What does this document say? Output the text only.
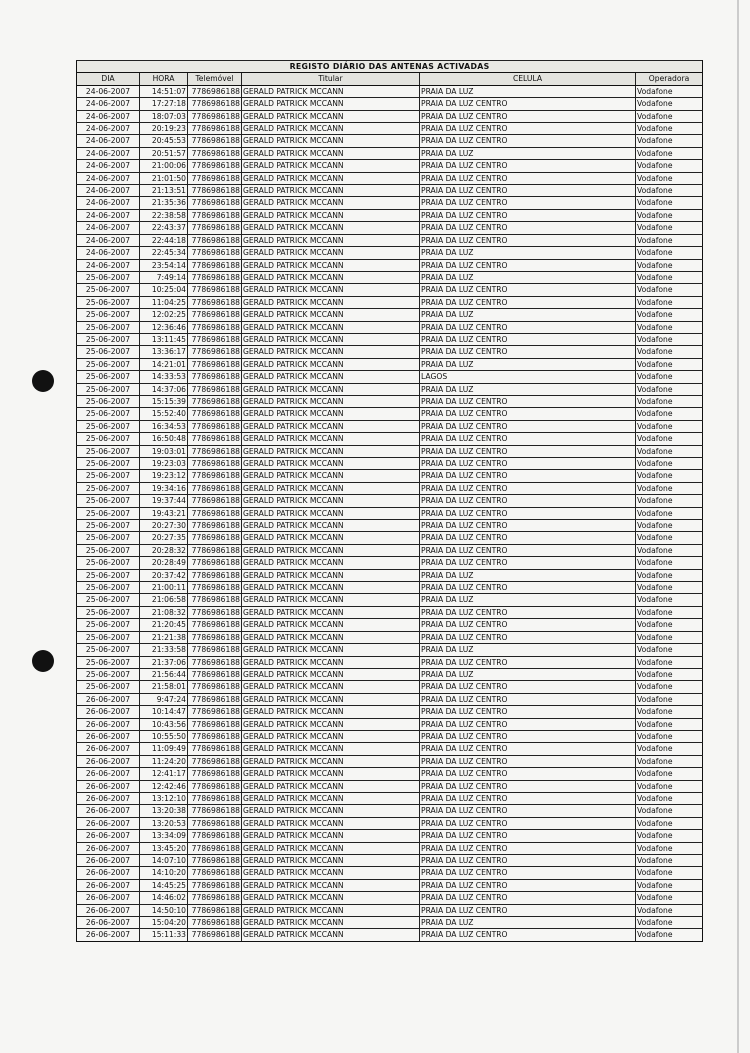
REGISTO DIÁRIO DAS ANTENAS ACTIVADAS					
DIA	HORA	Telemóvel	Titular	CELULA	Operadora
24-06-2007	14:51:07	7786986188	GERALD PATRICK MCCANN	PRAIA DA LUZ	Vodafone
24-06-2007	17:27:18	7786986188	GERALD PATRICK MCCANN	PRAIA DA LUZ CENTRO	Vodafone
24-06-2007	18:07:03	7786986188	GERALD PATRICK MCCANN	PRAIA DA LUZ CENTRO	Vodafone
24-06-2007	20:19:23	7786986188	GERALD PATRICK MCCANN	PRAIA DA LUZ CENTRO	Vodafone
24-06-2007	20:45:53	7786986188	GERALD PATRICK MCCANN	PRAIA DA LUZ CENTRO	Vodafone
24-06-2007	20:51:57	7786986188	GERALD PATRICK MCCANN	PRAIA DA LUZ	Vodafone
24-06-2007	21:00:06	7786986188	GERALD PATRICK MCCANN	PRAIA DA LUZ CENTRO	Vodafone
24-06-2007	21:01:50	7786986188	GERALD PATRICK MCCANN	PRAIA DA LUZ CENTRO	Vodafone
24-06-2007	21:13:51	7786986188	GERALD PATRICK MCCANN	PRAIA DA LUZ CENTRO	Vodafone
24-06-2007	21:35:36	7786986188	GERALD PATRICK MCCANN	PRAIA DA LUZ CENTRO	Vodafone
24-06-2007	22:38:58	7786986188	GERALD PATRICK MCCANN	PRAIA DA LUZ CENTRO	Vodafone
24-06-2007	22:43:37	7786986188	GERALD PATRICK MCCANN	PRAIA DA LUZ CENTRO	Vodafone
24-06-2007	22:44:18	7786986188	GERALD PATRICK MCCANN	PRAIA DA LUZ CENTRO	Vodafone
24-06-2007	22:45:34	7786986188	GERALD PATRICK MCCANN	PRAIA DA LUZ	Vodafone
24-06-2007	23:54:14	7786986188	GERALD PATRICK MCCANN	PRAIA DA LUZ CENTRO	Vodafone
25-06-2007	7:49:14	7786986188	GERALD PATRICK MCCANN	PRAIA DA LUZ	Vodafone
25-06-2007	10:25:04	7786986188	GERALD PATRICK MCCANN	PRAIA DA LUZ CENTRO	Vodafone
25-06-2007	11:04:25	7786986188	GERALD PATRICK MCCANN	PRAIA DA LUZ CENTRO	Vodafone
25-06-2007	12:02:25	7786986188	GERALD PATRICK MCCANN	PRAIA DA LUZ	Vodafone
25-06-2007	12:36:46	7786986188	GERALD PATRICK MCCANN	PRAIA DA LUZ CENTRO	Vodafone
25-06-2007	13:11:45	7786986188	GERALD PATRICK MCCANN	PRAIA DA LUZ CENTRO	Vodafone
25-06-2007	13:36:17	7786986188	GERALD PATRICK MCCANN	PRAIA DA LUZ CENTRO	Vodafone
25-06-2007	14:21:01	7786986188	GERALD PATRICK MCCANN	PRAIA DA LUZ	Vodafone
25-06-2007	14:33:53	7786986188	GERALD PATRICK MCCANN	LAGOS	Vodafone
25-06-2007	14:37:06	7786986188	GERALD PATRICK MCCANN	PRAIA DA LUZ	Vodafone
25-06-2007	15:15:39	7786986188	GERALD PATRICK MCCANN	PRAIA DA LUZ CENTRO	Vodafone
25-06-2007	15:52:40	7786986188	GERALD PATRICK MCCANN	PRAIA DA LUZ CENTRO	Vodafone
25-06-2007	16:34:53	7786986188	GERALD PATRICK MCCANN	PRAIA DA LUZ CENTRO	Vodafone
25-06-2007	16:50:48	7786986188	GERALD PATRICK MCCANN	PRAIA DA LUZ CENTRO	Vodafone
25-06-2007	19:03:01	7786986188	GERALD PATRICK MCCANN	PRAIA DA LUZ CENTRO	Vodafone
25-06-2007	19:23:03	7786986188	GERALD PATRICK MCCANN	PRAIA DA LUZ CENTRO	Vodafone
25-06-2007	19:23:12	7786986188	GERALD PATRICK MCCANN	PRAIA DA LUZ CENTRO	Vodafone
25-06-2007	19:34:16	7786986188	GERALD PATRICK MCCANN	PRAIA DA LUZ CENTRO	Vodafone
25-06-2007	19:37:44	7786986188	GERALD PATRICK MCCANN	PRAIA DA LUZ CENTRO	Vodafone
25-06-2007	19:43:21	7786986188	GERALD PATRICK MCCANN	PRAIA DA LUZ CENTRO	Vodafone
25-06-2007	20:27:30	7786986188	GERALD PATRICK MCCANN	PRAIA DA LUZ CENTRO	Vodafone
25-06-2007	20:27:35	7786986188	GERALD PATRICK MCCANN	PRAIA DA LUZ CENTRO	Vodafone
25-06-2007	20:28:32	7786986188	GERALD PATRICK MCCANN	PRAIA DA LUZ CENTRO	Vodafone
25-06-2007	20:28:49	7786986188	GERALD PATRICK MCCANN	PRAIA DA LUZ CENTRO	Vodafone
25-06-2007	20:37:42	7786986188	GERALD PATRICK MCCANN	PRAIA DA LUZ	Vodafone
25-06-2007	21:00:11	7786986188	GERALD PATRICK MCCANN	PRAIA DA LUZ CENTRO	Vodafone
25-06-2007	21:06:58	7786986188	GERALD PATRICK MCCANN	PRAIA DA LUZ	Vodafone
25-06-2007	21:08:32	7786986188	GERALD PATRICK MCCANN	PRAIA DA LUZ CENTRO	Vodafone
25-06-2007	21:20:45	7786986188	GERALD PATRICK MCCANN	PRAIA DA LUZ CENTRO	Vodafone
25-06-2007	21:21:38	7786986188	GERALD PATRICK MCCANN	PRAIA DA LUZ CENTRO	Vodafone
25-06-2007	21:33:58	7786986188	GERALD PATRICK MCCANN	PRAIA DA LUZ	Vodafone
25-06-2007	21:37:06	7786986188	GERALD PATRICK MCCANN	PRAIA DA LUZ CENTRO	Vodafone
25-06-2007	21:56:44	7786986188	GERALD PATRICK MCCANN	PRAIA DA LUZ	Vodafone
25-06-2007	21:58:01	7786986188	GERALD PATRICK MCCANN	PRAIA DA LUZ CENTRO	Vodafone
26-06-2007	9:47:24	7786986188	GERALD PATRICK MCCANN	PRAIA DA LUZ CENTRO	Vodafone
26-06-2007	10:14:47	7786986188	GERALD PATRICK MCCANN	PRAIA DA LUZ CENTRO	Vodafone
26-06-2007	10:43:56	7786986188	GERALD PATRICK MCCANN	PRAIA DA LUZ CENTRO	Vodafone
26-06-2007	10:55:50	7786986188	GERALD PATRICK MCCANN	PRAIA DA LUZ CENTRO	Vodafone
26-06-2007	11:09:49	7786986188	GERALD PATRICK MCCANN	PRAIA DA LUZ CENTRO	Vodafone
26-06-2007	11:24:20	7786986188	GERALD PATRICK MCCANN	PRAIA DA LUZ CENTRO	Vodafone
26-06-2007	12:41:17	7786986188	GERALD PATRICK MCCANN	PRAIA DA LUZ CENTRO	Vodafone
26-06-2007	12:42:46	7786986188	GERALD PATRICK MCCANN	PRAIA DA LUZ CENTRO	Vodafone
26-06-2007	13:12:10	7786986188	GERALD PATRICK MCCANN	PRAIA DA LUZ CENTRO	Vodafone
26-06-2007	13:20:38	7786986188	GERALD PATRICK MCCANN	PRAIA DA LUZ CENTRO	Vodafone
26-06-2007	13:20:53	7786986188	GERALD PATRICK MCCANN	PRAIA DA LUZ CENTRO	Vodafone
26-06-2007	13:34:09	7786986188	GERALD PATRICK MCCANN	PRAIA DA LUZ CENTRO	Vodafone
26-06-2007	13:45:20	7786986188	GERALD PATRICK MCCANN	PRAIA DA LUZ CENTRO	Vodafone
26-06-2007	14:07:10	7786986188	GERALD PATRICK MCCANN	PRAIA DA LUZ CENTRO	Vodafone
26-06-2007	14:10:20	7786986188	GERALD PATRICK MCCANN	PRAIA DA LUZ CENTRO	Vodafone
26-06-2007	14:45:25	7786986188	GERALD PATRICK MCCANN	PRAIA DA LUZ CENTRO	Vodafone
26-06-2007	14:46:02	7786986188	GERALD PATRICK MCCANN	PRAIA DA LUZ CENTRO	Vodafone
26-06-2007	14:50:10	7786986188	GERALD PATRICK MCCANN	PRAIA DA LUZ CENTRO	Vodafone
26-06-2007	15:04:20	7786986188	GERALD PATRICK MCCANN	PRAIA DA LUZ	Vodafone
26-06-2007	15:11:33	7786986188	GERALD PATRICK MCCANN	PRAIA DA LUZ CENTRO	Vodafone
